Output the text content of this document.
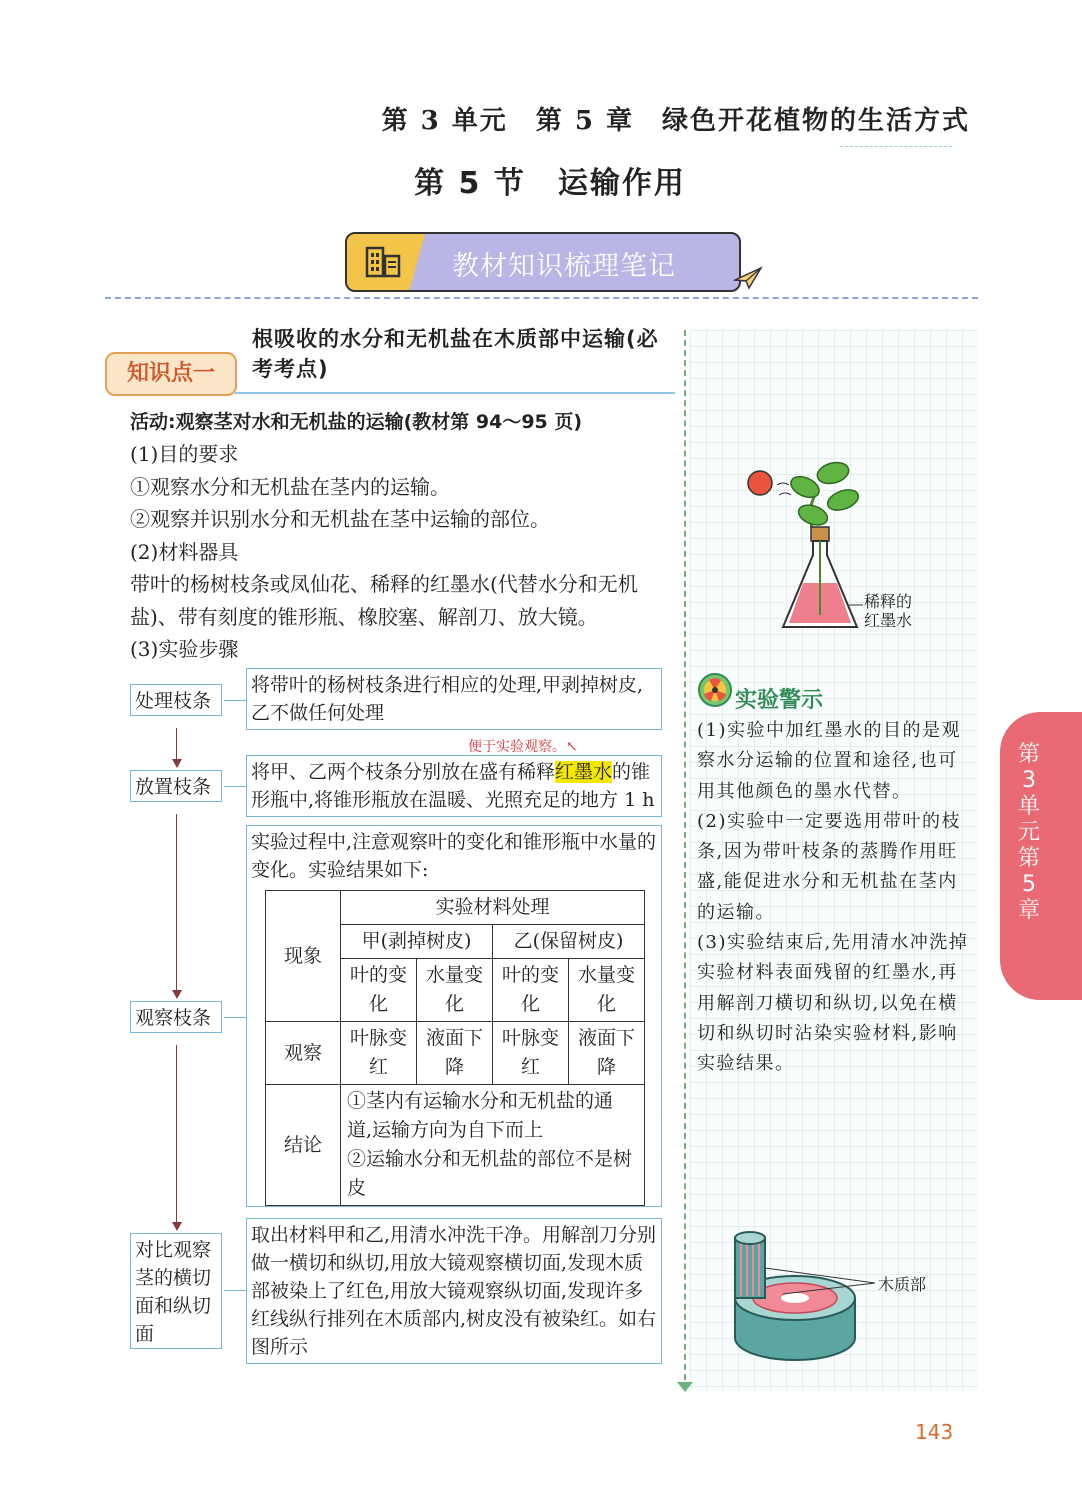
第 3 单元　第 5 章　绿色开花植物的生活方式
第 5 节　运输作用
教材知识梳理笔记
知识点一
根吸收的水分和无机盐在木质部中运输(必考考点)
活动:观察茎对水和无机盐的运输(教材第 94～95 页)
(1)目的要求
①观察水分和无机盐在茎内的运输。
②观察并识别水分和无机盐在茎中运输的部位。
(2)材料器具
带叶的杨树枝条或凤仙花、稀释的红墨水(代替水分和无机盐)、带有刻度的锥形瓶、橡胶塞、解剖刀、放大镜。
(3)实验步骤
处理枝条
将带叶的杨树枝条进行相应的处理,甲剥掉树皮,乙不做任何处理
便于实验观察。↖
放置枝条
将甲、乙两个枝条分别放在盛有稀释红墨水的锥形瓶中,将锥形瓶放在温暖、光照充足的地方 1 h
观察枝条
实验过程中,注意观察叶的变化和锥形瓶中水量的变化。实验结果如下:
现象	实验材料处理			
	甲(剥掉树皮)		乙(保留树皮)	
	叶的变化	水量变化	叶的变化	水量变化
观察	叶脉变红	液面下降	叶脉变红	液面下降
结论	①茎内有运输水分和无机盐的通道,运输方向为自下而上
②运输水分和无机盐的部位不是树皮			
对比观察茎的横切面和纵切面
取出材料甲和乙,用清水冲洗干净。用解剖刀分别做一横切和纵切,用放大镜观察横切面,发现木质部被染上了红色,用放大镜观察纵切面,发现许多红线纵行排列在木质部内,树皮没有被染红。如右图所示
稀释的
红墨水
实验警示
(1)实验中加红墨水的目的是观察水分运输的位置和途径,也可用其他颜色的墨水代替。
(2)实验中一定要选用带叶的枝条,因为带叶枝条的蒸腾作用旺盛,能促进水分和无机盐在茎内的运输。
(3)实验结束后,先用清水冲洗掉实验材料表面残留的红墨水,再用解剖刀横切和纵切,以免在横切和纵切时沾染实验材料,影响实验结果。
木质部
第3单元 第5章
143
